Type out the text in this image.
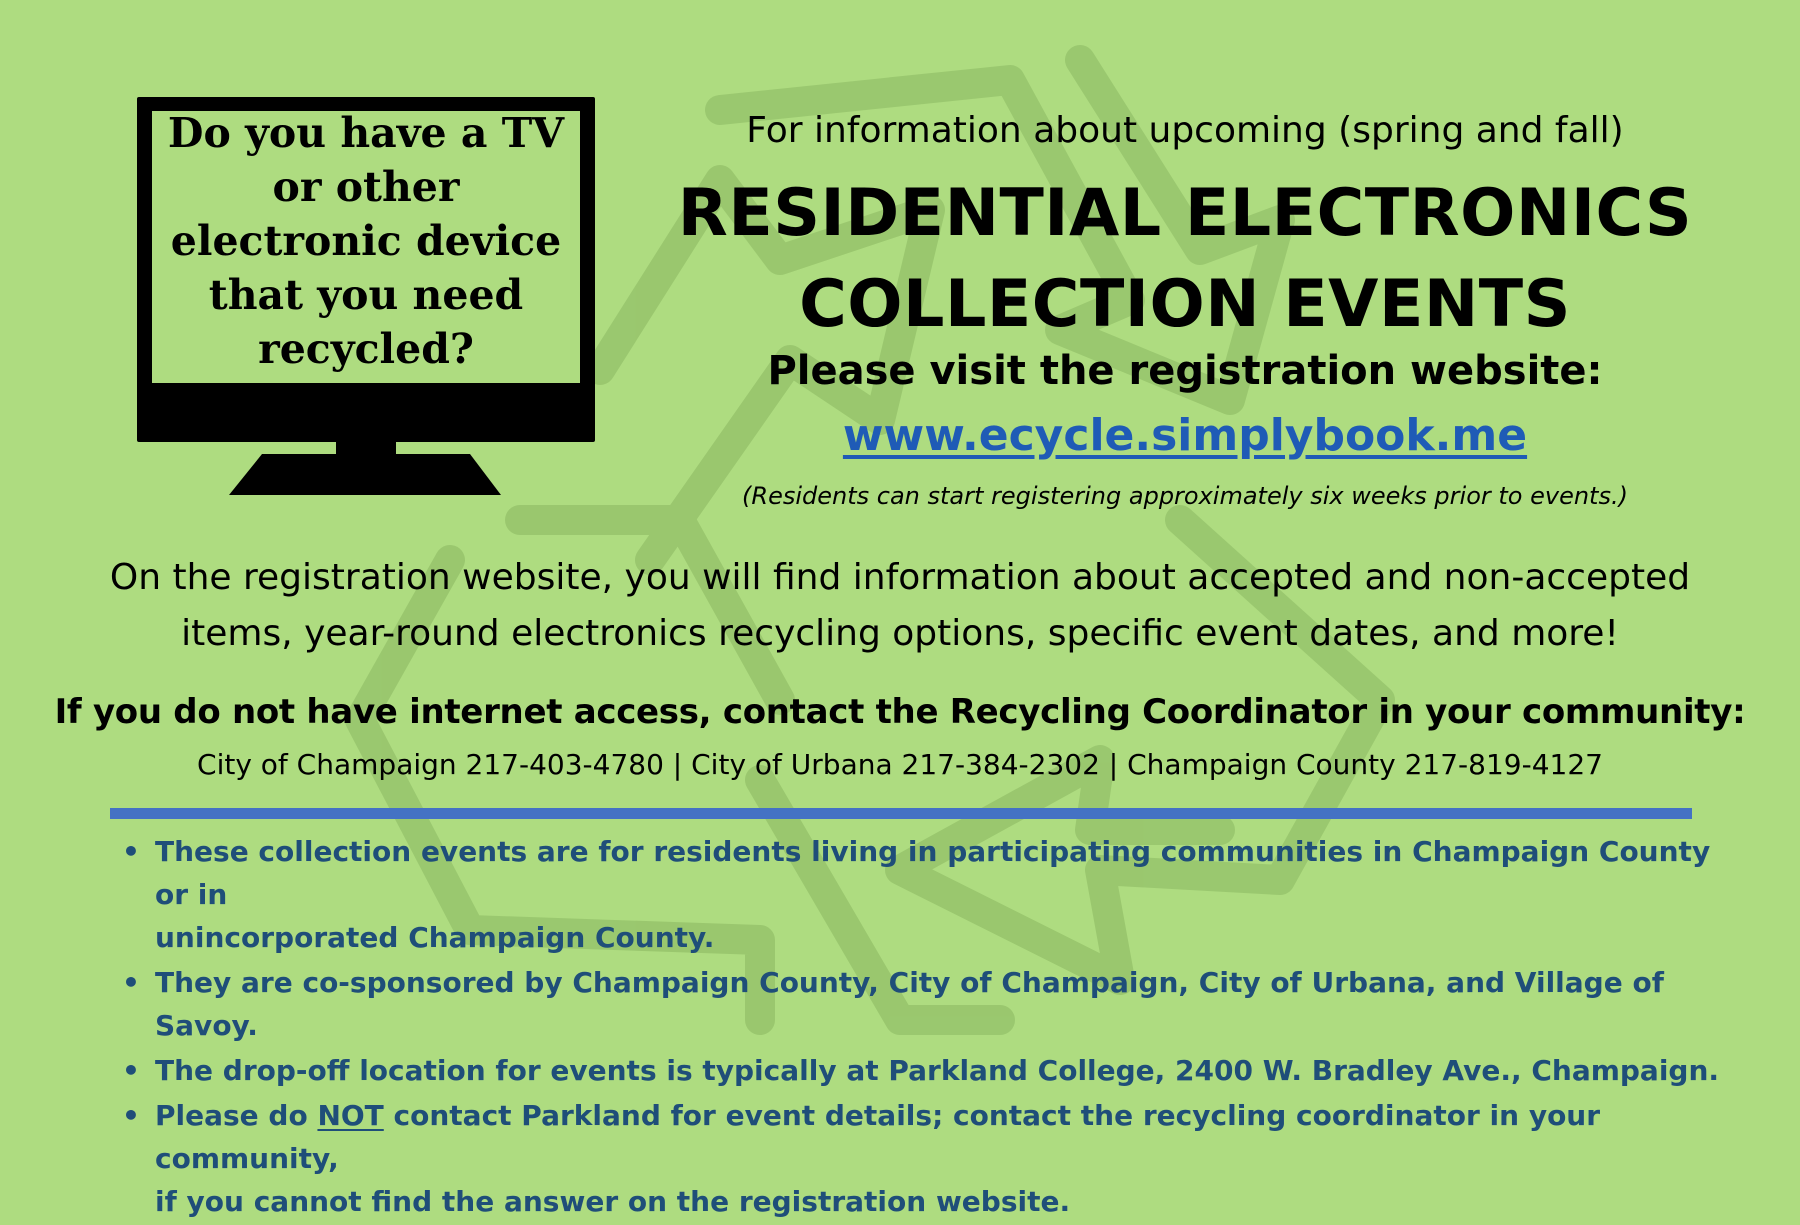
Do you have a TV or other electronic device that you need recycled?

For information about upcoming (spring and fall)
RESIDENTIAL ELECTRONICS
COLLECTION EVENTS
Please visit the registration website:
www.ecycle.simplybook.me
(Residents can start registering approximately six weeks prior to events.)
On the registration website, you will find information about accepted and non-accepted
items, year-round electronics recycling options, specific event dates, and more!
If you do not have internet access, contact the Recycling Coordinator in your community:
City of Champaign 217-403-4780 | City of Urbana 217-384-2302 | Champaign County 217-819-4127
• These collection events are for residents living in participating communities in Champaign County or in
unincorporated Champaign County.
• They are co-sponsored by Champaign County, City of Champaign, City of Urbana, and Village of Savoy.
• The drop-off location for events is typically at Parkland College, 2400 W. Bradley Ave., Champaign.
• Please do NOT contact Parkland for event details; contact the recycling coordinator in your community,
if you cannot find the answer on the registration website.
